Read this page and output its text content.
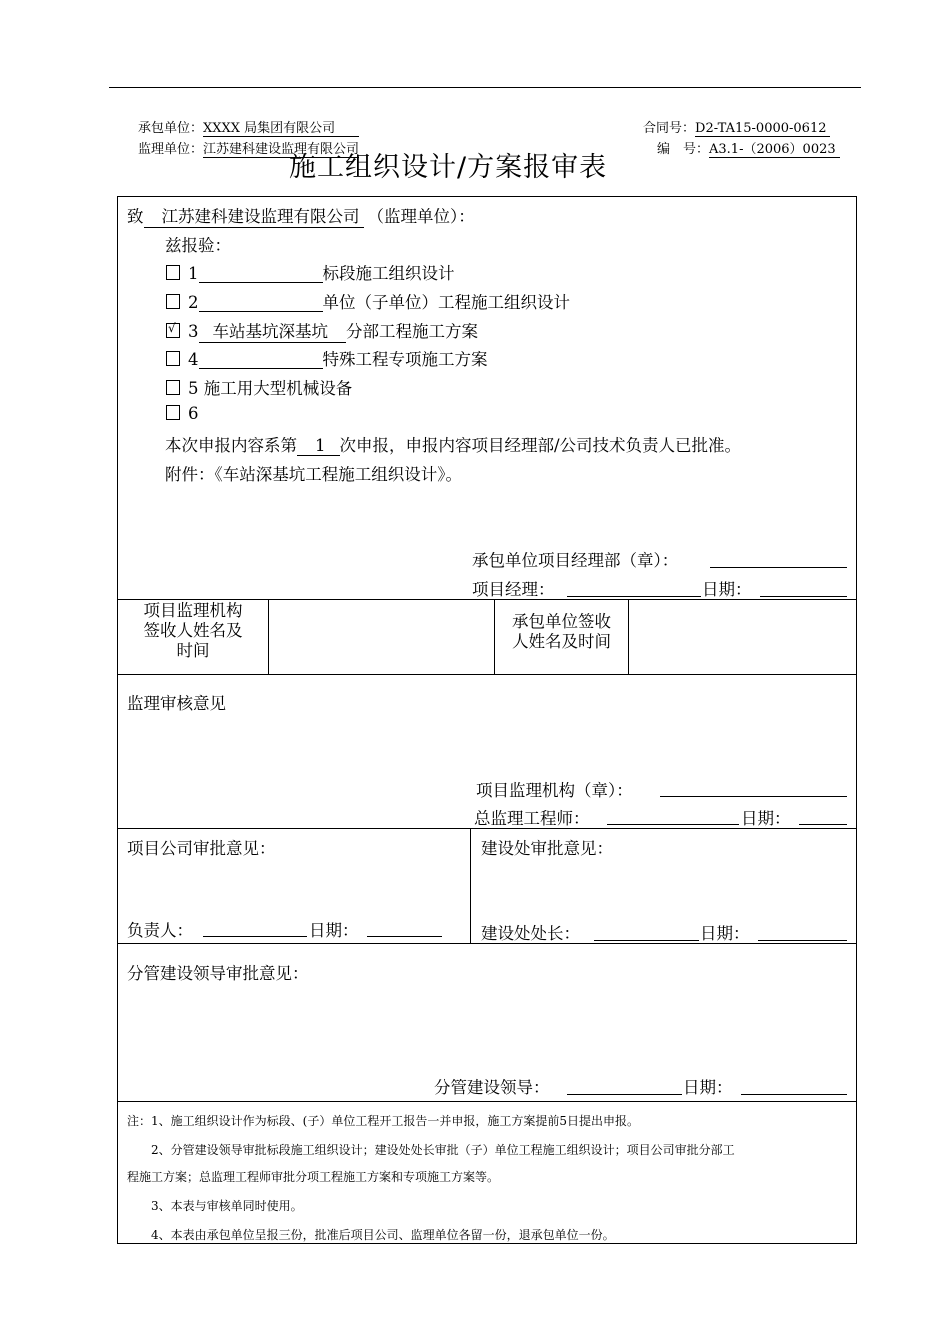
承包单位：XXXX 局集团有限公司
监理单位：江苏建科建设监理有限公司
合同号：D2-TA15-0000-0612
编　号：A3.1-（2006）0023
施工组织设计/方案报审表
致 江苏建科建设监理有限公司 （监理单位）：
兹报验：
1	标段施工组织设计
2	单位（子单位）工程施工组织设计
√ 3 车站基坑深基坑 分部工程施工方案
4	特殊工程专项施工方案
5 施工用大型机械设备
6
本次申报内容系第 1 次申报，申报内容项目经理部/公司技术负责人已批准。
附件：《车站深基坑工程施工组织设计》。
承包单位项目经理部（章）：
项目经理：	日期：
项目监理机构
签收人姓名及
时间
承包单位签收
人姓名及时间
监理审核意见
项目监理机构（章）：
总监理工程师：	日期：
项目公司审批意见：
负责人：	日期：
建设处审批意见：
建设处处长：	日期：
分管建设领导审批意见：
分管建设领导：	日期：
注：1、施工组织设计作为标段、(子）单位工程开工报告一并申报，施工方案提前5日提出申报。
　　2、分管建设领导审批标段施工组织设计；建设处处长审批（子）单位工程施工组织设计；项目公司审批分部工
程施工方案；总监理工程师审批分项工程施工方案和专项施工方案等。
　　3、本表与审核单同时使用。
　　4、本表由承包单位呈报三份，批准后项目公司、监理单位各留一份，退承包单位一份。
